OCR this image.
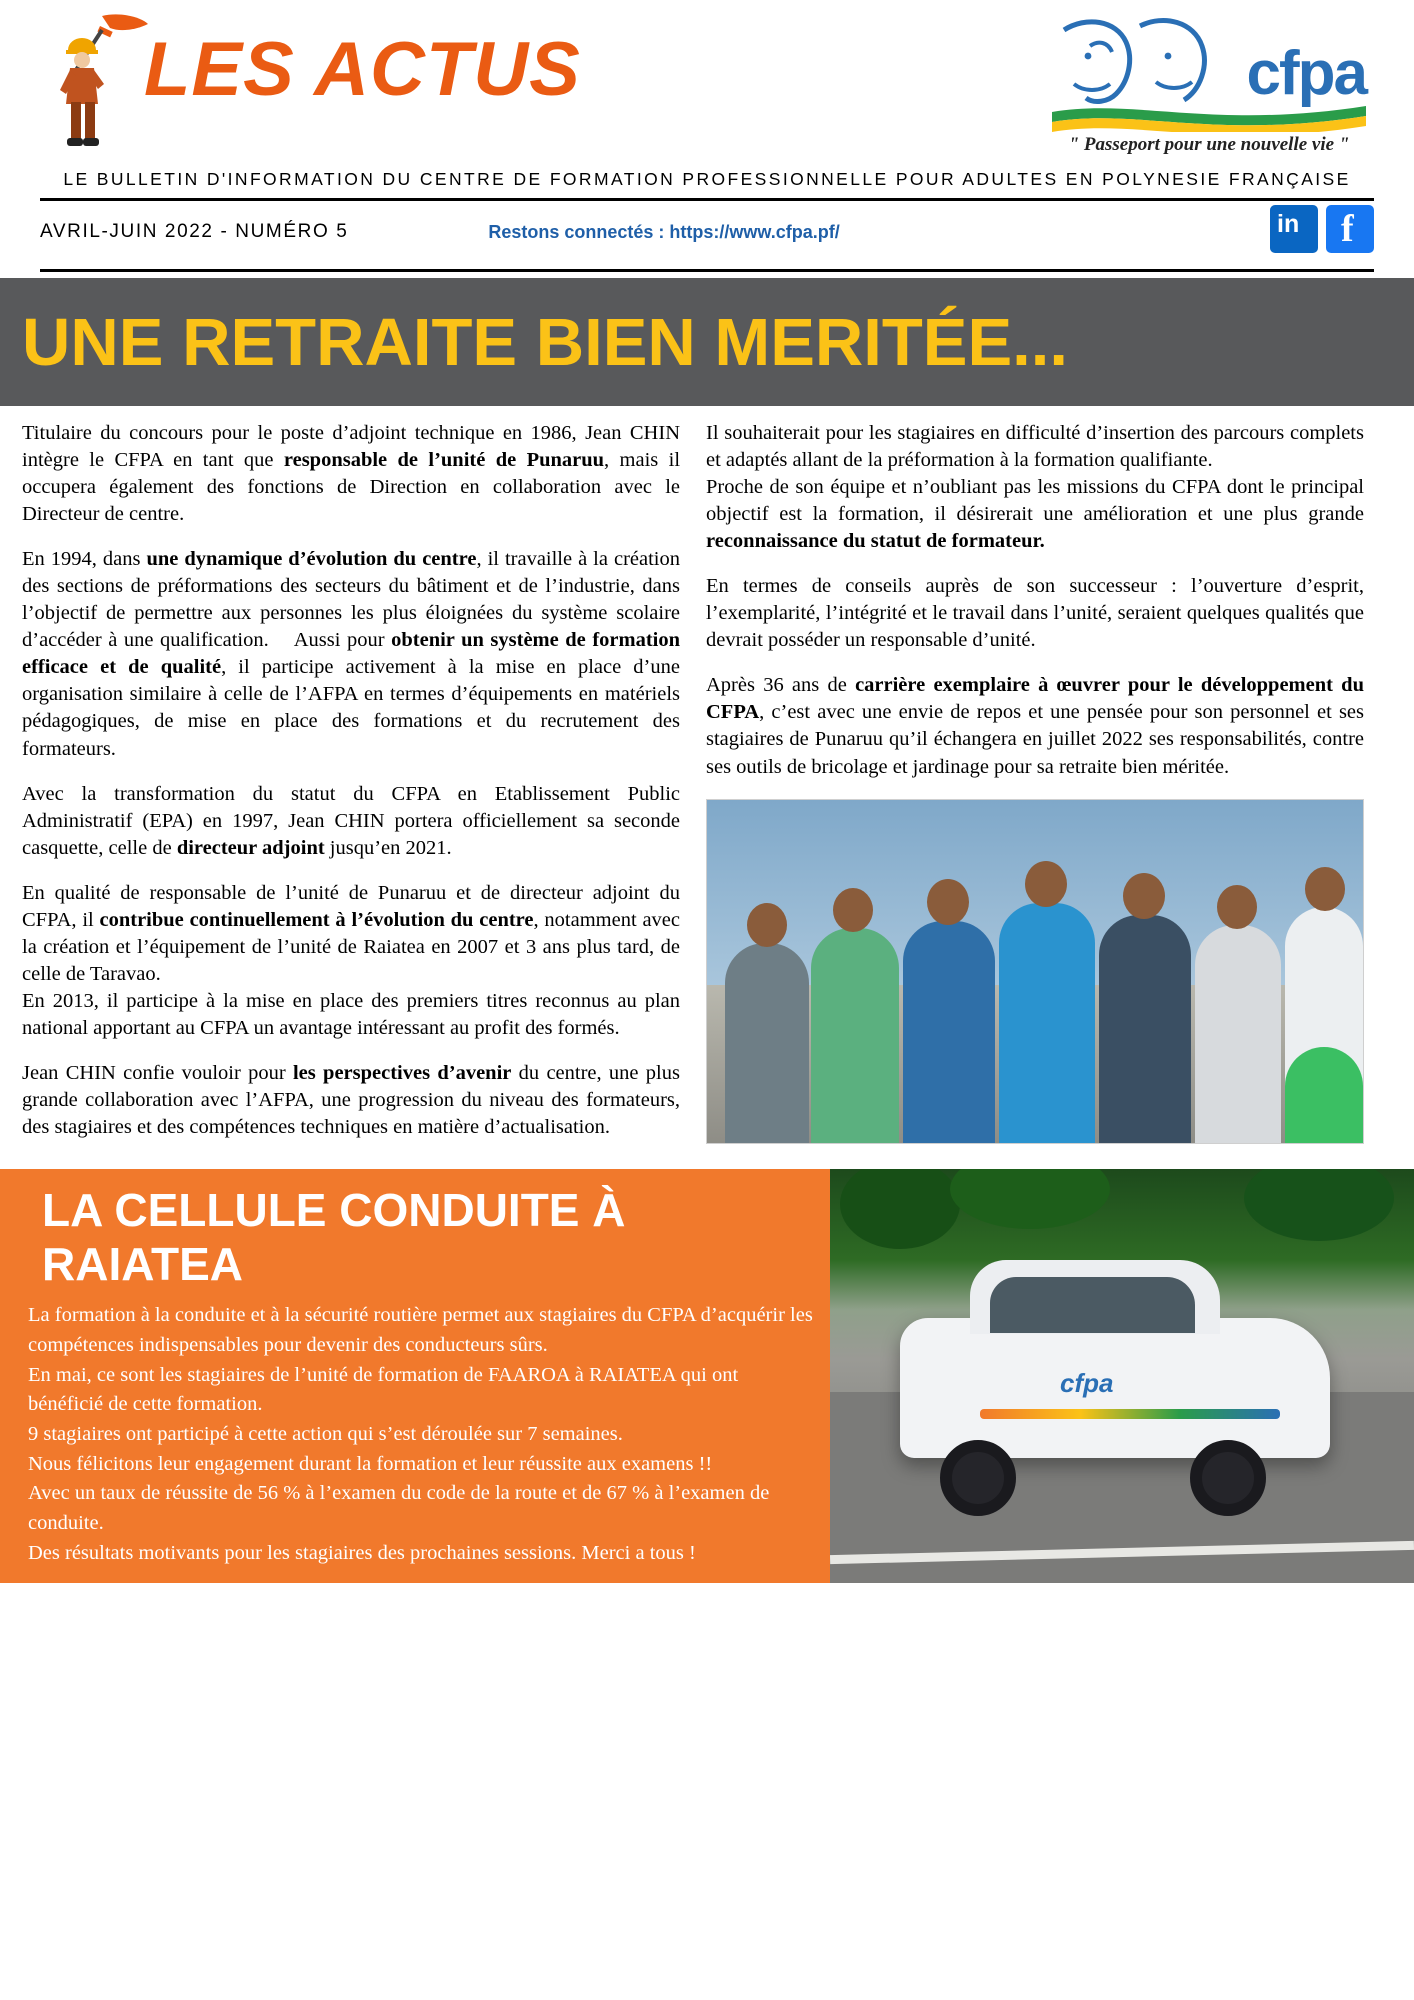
LES ACTUS	cfpa
" Passeport pour une nouvelle vie "
LE BULLETIN D'INFORMATION DU CENTRE DE FORMATION PROFESSIONNELLE POUR ADULTES EN POLYNESIE FRANÇAISE
AVRIL-JUIN 2022 - NUMÉRO 5	Restons connectés : https://www.cfpa.pf/	in f
UNE RETRAITE BIEN MERITÉE...

Titulaire du concours pour le poste d’adjoint technique en 1986, Jean CHIN intègre le CFPA en tant que responsable de l’unité de Punaruu, mais il occupera également des fonctions de Direction en collaboration avec le Directeur de centre.

En 1994, dans une dynamique d’évolution du centre, il travaille à la création des sections de préformations des secteurs du bâtiment et de l’industrie, dans l’objectif de permettre aux personnes les plus éloignées du système scolaire d’accéder à une qualification.    Aussi pour obtenir un système de formation efficace et de qualité, il participe activement à la mise en place d’une organisation similaire à celle de l’AFPA en termes d’équipements en matériels pédagogiques, de mise en place des formations et du recrutement des formateurs.

Avec la transformation du statut du CFPA en Etablissement Public Administratif (EPA) en 1997, Jean CHIN portera officiellement sa seconde casquette, celle de directeur adjoint jusqu’en 2021.

En qualité de responsable de l’unité de Punaruu et de directeur adjoint du CFPA, il contribue continuellement à l’évolution du centre, notamment avec la création et l’équipement de l’unité de Raiatea en 2007 et 3 ans plus tard, de celle de Taravao.

En 2013, il participe à la mise en place des premiers titres reconnus au plan national apportant au CFPA un avantage intéressant au profit des formés.

Jean CHIN confie vouloir pour les perspectives d’avenir du centre, une plus grande collaboration avec l’AFPA, une progression du niveau des formateurs, des stagiaires et des compétences techniques en matière d’actualisation.

Il souhaiterait pour les stagiaires en difficulté d’insertion des parcours complets et adaptés allant de la préformation à la formation qualifiante.

Proche de son équipe et n’oubliant pas les missions du CFPA dont le principal objectif est la formation, il désirerait une amélioration et une plus grande reconnaissance du statut de formateur.

En termes de conseils auprès de son successeur : l’ouverture d’esprit, l’exemplarité, l’intégrité et le travail dans l’unité, seraient quelques qualités que devrait posséder un responsable d’unité.

Après 36 ans de carrière exemplaire à œuvrer pour le développement du CFPA, c’est avec une envie de repos et une pensée pour son personnel et ses stagiaires de Punaruu qu’il échangera en juillet 2022 ses responsabilités, contre ses outils de bricolage et jardinage pour sa retraite bien méritée.

LA CELLULE CONDUITE À RAIATEA

La formation à la conduite et à la sécurité routière permet aux stagiaires du CFPA d’acquérir les compétences indispensables pour devenir des conducteurs sûrs.

En mai, ce sont les stagiaires de l’unité de formation de FAAROA à RAIATEA qui ont bénéficié de cette formation.

9 stagiaires ont participé à cette action qui s’est déroulée sur 7 semaines.

Nous félicitons leur engagement durant la formation et leur réussite aux examens !!

Avec un taux de réussite de 56 % à l’examen du code de la route et de 67 % à l’examen de conduite.

Des résultats motivants pour les stagiaires des prochaines sessions. Merci a tous !

cfpa
